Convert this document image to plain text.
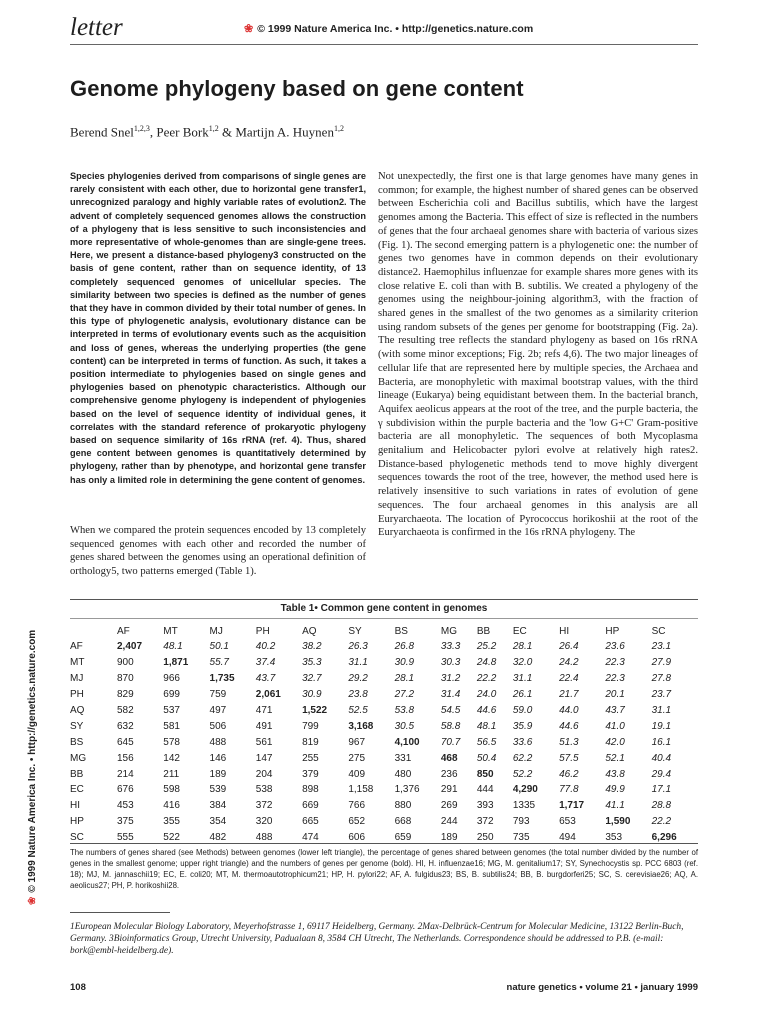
letter	❀ © 1999 Nature America Inc. • http://genetics.nature.com
Genome phylogeny based on gene content
Berend Snel$^{1,2,3}$, Peer Bork$^{1,2}$ & Martijn A. Huynen$^{1,2}$
❀© 1999 Nature America Inc. • http://genetics.nature.com

Species phylogenies derived from comparisons of single genes are rarely consistent with each other, due to horizontal gene transfer1, unrecognized paralogy and highly variable rates of evolution2. The advent of completely sequenced genomes allows the construction of a phylogeny that is less sensitive to such inconsistencies and more representative of whole-genomes than are single-gene trees. Here, we present a distance-based phylogeny3 constructed on the basis of gene content, rather than on sequence identity, of 13 completely sequenced genomes of unicellular species. The similarity between two species is defined as the number of genes that they have in common divided by their total number of genes. In this type of phylogenetic analysis, evolutionary distance can be interpreted in terms of evolutionary events such as the acquisition and loss of genes, whereas the underlying properties (the gene content) can be interpreted in terms of function. As such, it takes a position intermediate to phylogenies based on single genes and phylogenies based on phenotypic characteristics. Although our comprehensive genome phylogeny is independent of phylogenies based on the level of sequence identity of individual genes, it correlates with the standard reference of prokaryotic phylogeny based on sequence similarity of 16s rRNA (ref. 4). Thus, shared gene content between genomes is quantitatively determined by phylogeny, rather than by phenotype, and horizontal gene transfer has only a limited role in determining the gene content of genomes.

When we compared the protein sequences encoded by 13 completely sequenced genomes with each other and recorded the number of genes shared between the genomes using an operational definition of orthology5, two patterns emerged (Table 1).

Not unexpectedly, the first one is that large genomes have many genes in common; for example, the highest number of shared genes can be observed between Escherichia coli and Bacillus subtilis, which have the largest genomes among the Bacteria. This effect of size is reflected in the numbers of genes that the four archaeal genomes share with bacteria of various sizes (Fig. 1). The second emerging pattern is a phylogenetic one: the number of genes two genomes have in common depends on their evolutionary distance2. Haemophilus influenzae for example shares more genes with its close relative E. coli than with B. subtilis. We created a phylogeny of the genomes using the neighbour-joining algorithm3, with the fraction of shared genes in the smallest of the two genomes as a similarity criterion using random subsets of the genes per genome for bootstrapping (Fig. 2a). The resulting tree reflects the standard phylogeny as based on 16s rRNA (with some minor exceptions; Fig. 2b; refs 4,6). The two major lineages of cellular life that are represented here by multiple species, the Archaea and Bacteria, are monophyletic with maximal bootstrap values, with the third lineage (Eukarya) being equidistant between them. In the bacterial branch, Aquifex aeolicus appears at the root of the tree, and the purple bacteria, the γ subdivision within the purple bacteria and the 'low G+C' Gram-positive bacteria are all monophyletic. The sequences of both Mycoplasma genitalium and Helicobacter pylori evolve at relatively high rates2. Distance-based phylogenetic methods tend to move highly divergent sequences towards the root of the tree, however, the method used here is relatively insensitive to such variations in rates of evolution of gene sequences. The four archaeal genomes in this analysis are all Euryarchaeota. The location of Pyrococcus horikoshii at the root of the Euryarchaeota is confirmed in the 16s rRNA phylogeny. The

Table 1• Common gene content in genomes
	AF	MT	MJ	PH	AQ	SY	BS	MG	BB	EC	HI	HP	SC
AF	2,407	48.1	50.1	40.2	38.2	26.3	26.8	33.3	25.2	28.1	26.4	23.6	23.1
MT	900	1,871	55.7	37.4	35.3	31.1	30.9	30.3	24.8	32.0	24.2	22.3	27.9
MJ	870	966	1,735	43.7	32.7	29.2	28.1	31.2	22.2	31.1	22.4	22.3	27.8
PH	829	699	759	2,061	30.9	23.8	27.2	31.4	24.0	26.1	21.7	20.1	23.7
AQ	582	537	497	471	1,522	52.5	53.8	54.5	44.6	59.0	44.0	43.7	31.1
SY	632	581	506	491	799	3,168	30.5	58.8	48.1	35.9	44.6	41.0	19.1
BS	645	578	488	561	819	967	4,100	70.7	56.5	33.6	51.3	42.0	16.1
MG	156	142	146	147	255	275	331	468	50.4	62.2	57.5	52.1	40.4
BB	214	211	189	204	379	409	480	236	850	52.2	46.2	43.8	29.4
EC	676	598	539	538	898	1,158	1,376	291	444	4,290	77.8	49.9	17.1
HI	453	416	384	372	669	766	880	269	393	1335	1,717	41.1	28.8
HP	375	355	354	320	665	652	668	244	372	793	653	1,590	22.2
SC	555	522	482	488	474	606	659	189	250	735	494	353	6,296

The numbers of genes shared (see Methods) between genomes (lower left triangle), the percentage of genes shared between genomes (the total number divided by the number of genes in the smallest genome; upper right triangle) and the numbers of genes per genome (bold). HI, H. influenzae16; MG, M. genitalium17; SY, Synechocystis sp. PCC 6803 (ref. 18); MJ, M. jannaschii19; EC, E. coli20; MT, M. thermoautotrophicum21; HP, H. pylori22; AF, A. fulgidus23; BS, B. subtilis24; BB, B. burgdorferi25; SC, S. cerevisiae26; AQ, A. aeolicus27; PH, P. horikoshii28.

1European Molecular Biology Laboratory, Meyerhofstrasse 1, 69117 Heidelberg, Germany. 2Max-Delbrück-Centrum for Molecular Medicine, 13122 Berlin-Buch, Germany. 3Bioinformatics Group, Utrecht University, Padualaan 8, 3584 CH Utrecht, The Netherlands. Correspondence should be addressed to P.B. (e-mail: bork@embl-heidelberg.de).

108	nature genetics • volume 21 • january 1999
